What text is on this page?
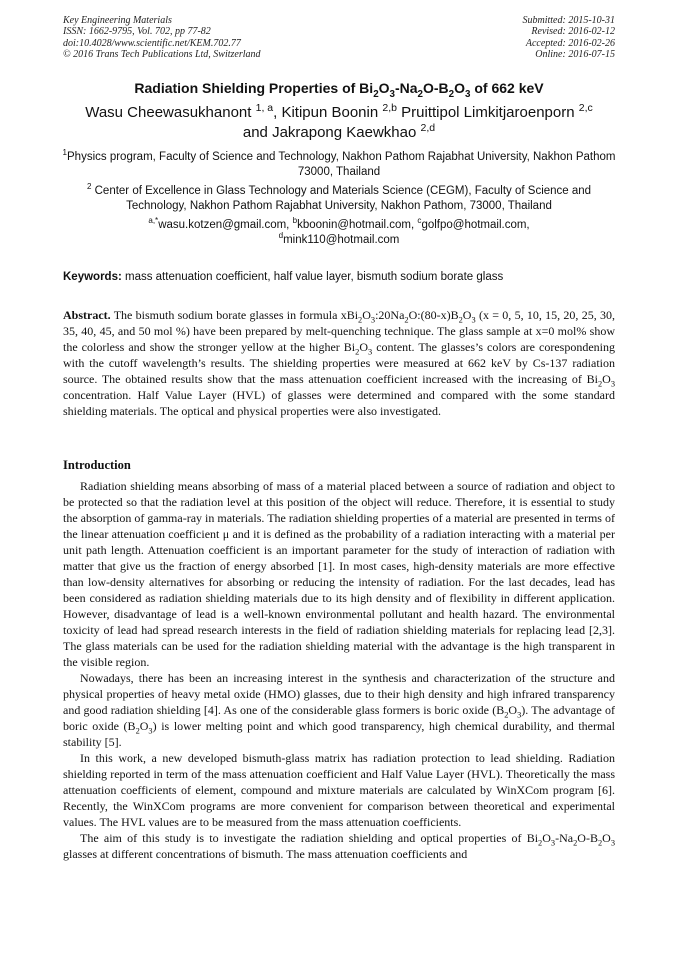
Key Engineering Materials
ISSN: 1662-9795, Vol. 702, pp 77-82
doi:10.4028/www.scientific.net/KEM.702.77
© 2016 Trans Tech Publications Ltd, Switzerland
Submitted: 2015-10-31
Revised: 2016-02-12
Accepted: 2016-02-26
Online: 2016-07-15
Radiation Shielding Properties of $Bi_2O_3-Na_2O-B_2O_3$ of 662 keV
Wasu Cheewasukhanont $^{1, a}$, Kitipun Boonin $^{2,b}$ Pruittipol Limkitjaroenporn $^{2,c}$
and Jakrapong Kaewkhao $^{2,d}$
$^1$Physics program, Faculty of Science and Technology, Nakhon Pathom Rajabhat University, Nakhon Pathom 73000, Thailand
$^2$ Center of Excellence in Glass Technology and Materials Science (CEGM), Faculty of Science and Technology, Nakhon Pathom Rajabhat University, Nakhon Pathom, 73000, Thailand
$^{a,*}$wasu.kotzen@gmail.com, $^b$kboonin@hotmail.com, $^c$golfpo@hotmail.com,
$^d$mink110@hotmail.com
Keywords: mass attenuation coefficient, half value layer, bismuth sodium borate glass

Abstract. The bismuth sodium borate glasses in formula $xBi_2O_3:20Na_2O:(80-x)B_2O_3$ (x = 0, 5, 10, 15, 20, 25, 30, 35, 40, 45, and 50 mol %) have been prepared by melt-quenching technique. The glass sample at x=0 mol% show the colorless and show the stronger yellow at the higher $Bi_2O_3$ content. The glasses’s colors are corespondening with the cutoff wavelength’s results. The shielding properties were measured at 662 keV by Cs-137 radiation source. The obtained results show that the mass attenuation coefficient increased with the increasing of $Bi_2O_3$ concentration. Half Value Layer (HVL) of glasses were determined and compared with the some standard shielding materials. The optical and physical properties were also investigated.

Introduction

Radiation shielding means absorbing of mass of a material placed between a source of radiation and object to be protected so that the radiation level at this position of the object will reduce. Therefore, it is essential to study the absorption of gamma-ray in materials. The radiation shielding properties of a material are presented in terms of the linear attenuation coefficient μ and it is defined as the probability of a radiation interacting with a material per unit path length. Attenuation coefficient is an important parameter for the study of interaction of radiation with matter that give us the fraction of energy absorbed [1]. In most cases, high-density materials are more effective than low-density alternatives for absorbing or reducing the intensity of radiation. For the last decades, lead has been considered as radiation shielding materials due to its high density and of flexibility in different application. However, disadvantage of lead is a well-known environmental pollutant and health hazard. The environmental toxicity of lead had spread research interests in the field of radiation shielding materials for replacing lead [2,3]. The glass materials can be used for the radiation shielding material with the advantage is the high transparent in the visible region.

Nowadays, there has been an increasing interest in the synthesis and characterization of the structure and physical properties of heavy metal oxide (HMO) glasses, due to their high density and high infrared transparency and good radiation shielding [4]. As one of the considerable glass formers is boric oxide $(B_2O_3)$. The advantage of boric oxide $(B_2O_3)$ is lower melting point and which good transparency, high chemical durability, and thermal stability [5].

In this work, a new developed bismuth-glass matrix has radiation protection to lead shielding. Radiation shielding reported in term of the mass attenuation coefficient and Half Value Layer (HVL). Theoretically the mass attenuation coefficients of element, compound and mixture materials are calculated by WinXCom program [6]. Recently, the WinXCom programs are more convenient for comparison between theoretical and experimental values. The HVL values are to be measured from the mass attenuation coefficients.

The aim of this study is to investigate the radiation shielding and optical properties of $Bi_2O_3-Na_2O-B_2O_3$ glasses at different concentrations of bismuth. The mass attenuation coefficients and
